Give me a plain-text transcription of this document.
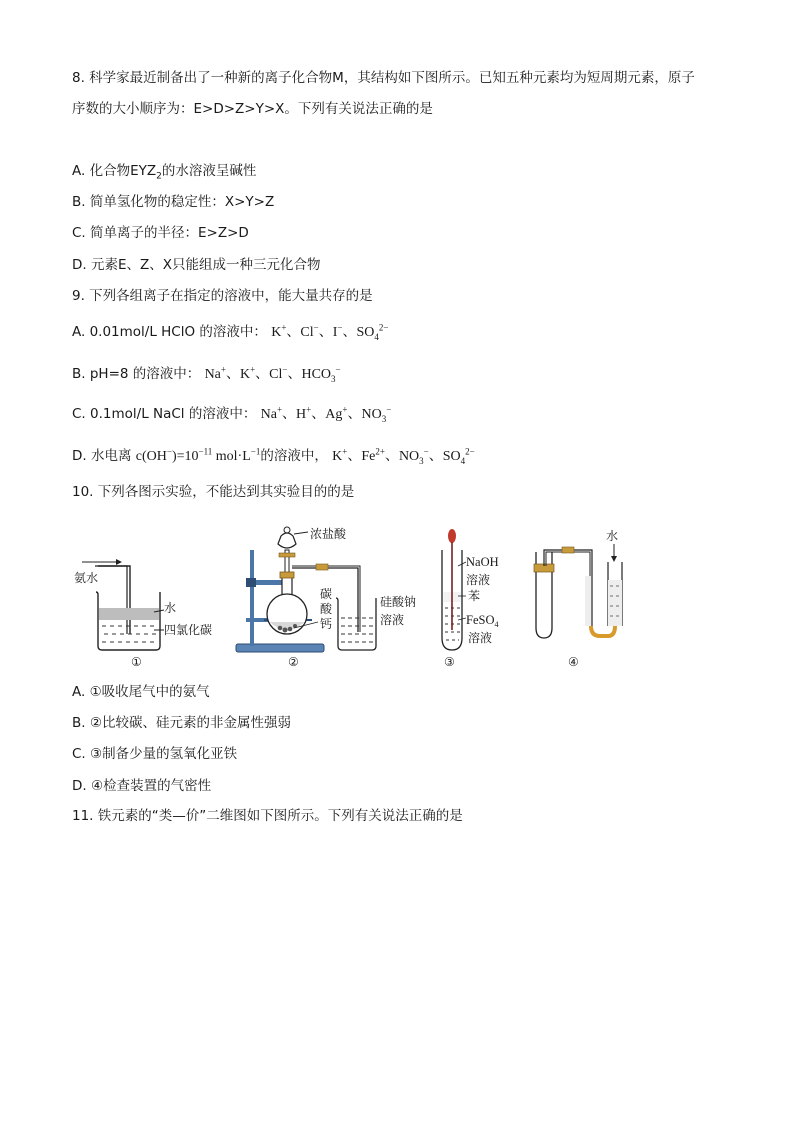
8. 科学家最近制备出了一种新的离子化合物M，其结构如下图所示。已知五种元素均为短周期元素，原子
序数的大小顺序为：E>D>Z>Y>X。下列有关说法正确的是
A. 化合物$EYZ_2$的水溶液呈碱性
B. 简单氢化物的稳定性：X>Y>Z
C. 简单离子的半径：E>Z>D
D. 元素E、Z、X只能组成一种三元化合物
9. 下列各组离子在指定的溶液中，能大量共存的是
A. 0.01mol/L HClO 的溶液中： K+、Cl−、I−、$SO_4^{2-}$
B. pH=8 的溶液中： Na+、K+、Cl−、$HCO_3^-$
C. 0.1mol/L NaCl 的溶液中： Na+、H+、Ag+、$NO_3^-$
D. 水电离 $c(OH^-)=10^{-11}$ $mol\cdot L^{-1}$的溶液中， K+、$Fe^{2+}$、$NO_3^-$、$SO_4^{2-}$
10. 下列各图示实验，不能达到其实验目的的是
氨水
水
四氯化碳
①
浓盐酸
碳
酸
钙
硅酸钠
溶液
②
NaOH
溶液
苯
FeSO$_4$
溶液
③
水
④
A. ①吸收尾气中的氨气
B. ②比较碳、硅元素的非金属性强弱
C. ③制备少量的氢氧化亚铁
D. ④检查装置的气密性
11. 铁元素的“类—价”二维图如下图所示。下列有关说法正确的是
